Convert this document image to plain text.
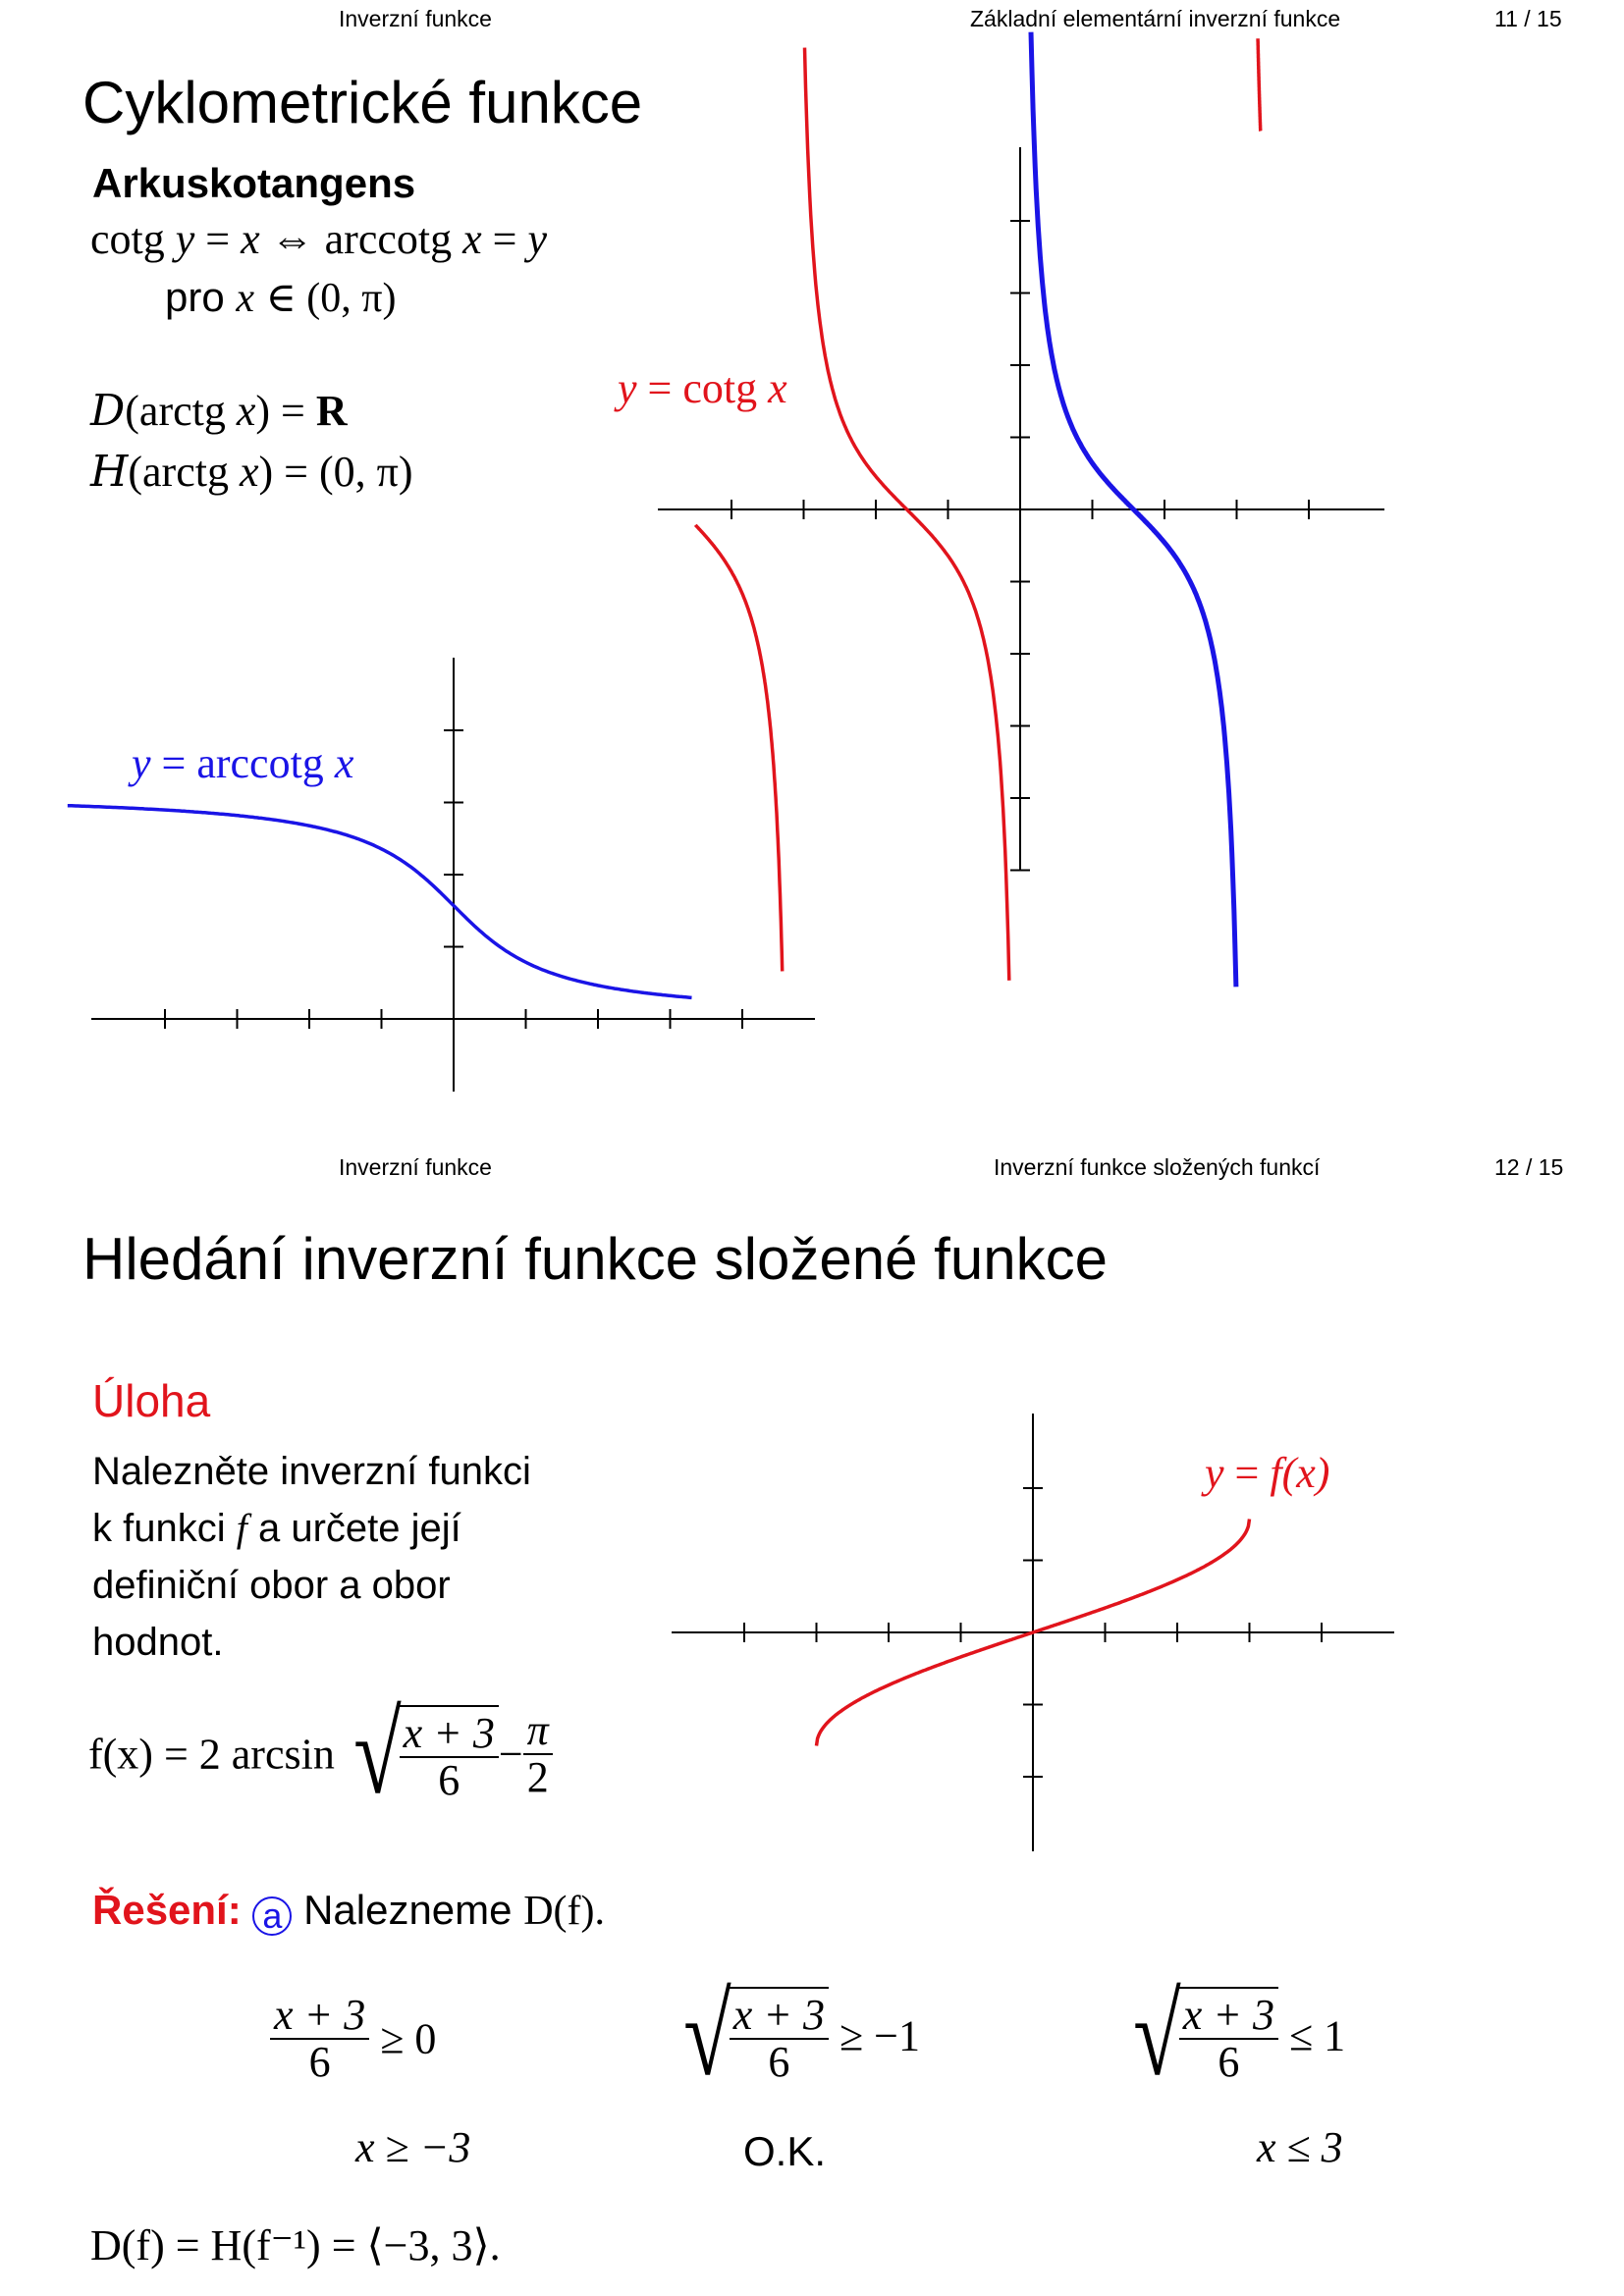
Inverzní funkce	Základní elementární inverzní funkce	11 / 15
Cyklometrické funkce
Arkuskotangens
cotg y = x ⇔ arccotg x = y
pro x ∈ (0, π)
D(arctg x) = R
H(arctg x) = (0, π)
y = cotg x
y = arccotg x
Inverzní funkce	Inverzní funkce složených funkcí	12 / 15
Hledání inverzní funkce složené funkce
Úloha
Nalezněte inverzní funkci
k funkci f a určete její
definiční obor a obor
hodnot.
f(x) = 2 arcsin √
$\frac{x + 3}{6} - \frac{\pi}{2}$
y = f(x)
Řešení: a Nalezneme D(f).
$\frac{x + 3}{6} \ge 0$
x ≥ −3
√
$\frac{x + 3}{6} \ge -1$
O.K.
√
$\frac{x + 3}{6} \le 1$
x ≤ 3
D(f) = H(f⁻¹) = ⟨−3, 3⟩.
